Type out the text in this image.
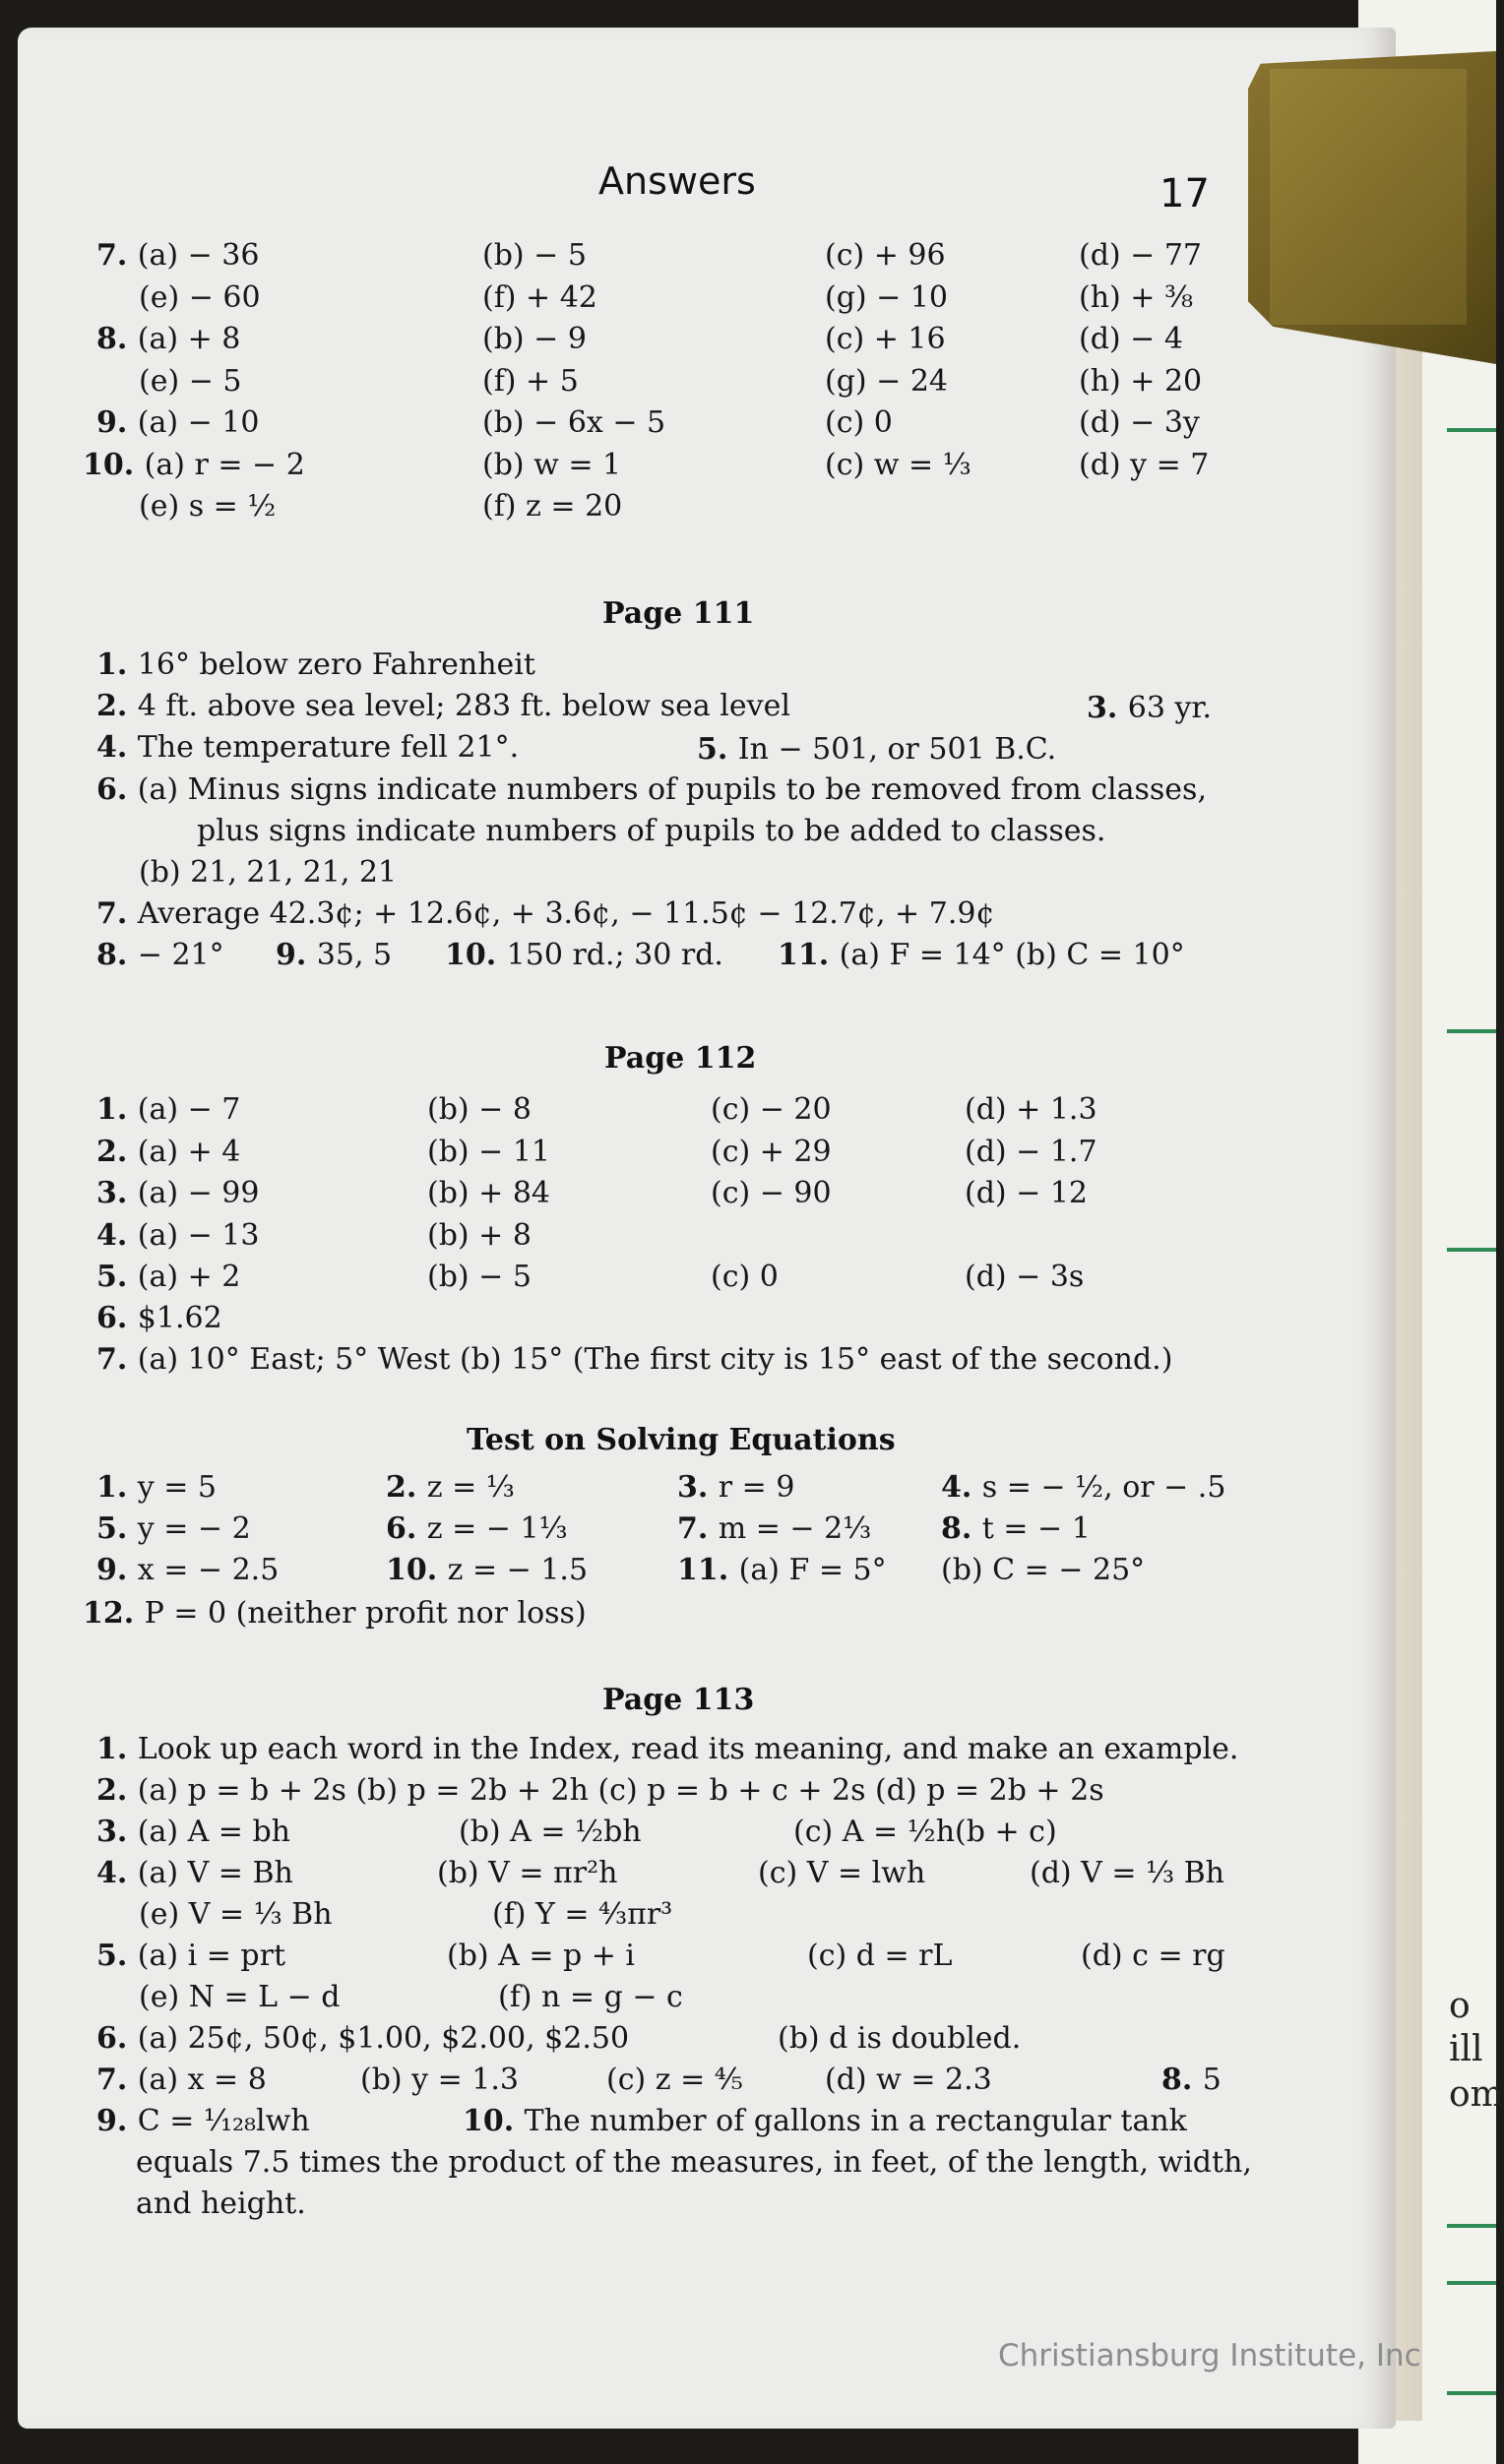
o
ill
om
Answers	17
7. (a) − 36	(b) − 5	(c) + 96	(d) − 77
(e) − 60	(f) + 42	(g) − 10	(h) + ⅜
8. (a) + 8	(b) − 9	(c) + 16	(d) − 4
(e) − 5	(f) + 5	(g) − 24	(h) + 20
9. (a) − 10	(b) − 6x − 5	(c) 0	(d) − 3y
10. (a) r = − 2	(b) w = 1	(c) w = ⅓	(d) y = 7
(e) s = ½	(f) z = 20
Page 111
1. 16° below zero Fahrenheit
2. 4 ft. above sea level; 283 ft. below sea level	3. 63 yr.
4. The temperature fell 21°.	5. In − 501, or 501 B.C.
6. (a) Minus signs indicate numbers of pupils to be removed from classes,
plus signs indicate numbers of pupils to be added to classes.
(b) 21, 21, 21, 21
7. Average 42.3¢; + 12.6¢, + 3.6¢, − 11.5¢ − 12.7¢, + 7.9¢
8. − 21° 9. 35, 5 10. 150 rd.; 30 rd. 11. (a) F = 14° (b) C = 10°
Page 112
1. (a) − 7	(b) − 8	(c) − 20	(d) + 1.3
2. (a) + 4	(b) − 11	(c) + 29	(d) − 1.7
3. (a) − 99	(b) + 84	(c) − 90	(d) − 12
4. (a) − 13	(b) + 8
5. (a) + 2	(b) − 5	(c) 0	(d) − 3s
6. $1.62
7. (a) 10° East; 5° West (b) 15° (The first city is 15° east of the second.)
Test on Solving Equations
1. y = 5	2. z = ⅓	3. r = 9	4. s = − ½, or − .5
5. y = − 2	6. z = − 1⅓	7. m = − 2⅓ 8. t = − 1
9. x = − 2.5	10. z = − 1.5	11. (a) F = 5° (b) C = − 25°
12. P = 0 (neither profit nor loss)
Page 113
1. Look up each word in the Index, read its meaning, and make an example.
2. (a) p = b + 2s (b) p = 2b + 2h (c) p = b + c + 2s (d) p = 2b + 2s
3. (a) A = bh	(b) A = ½bh	(c) A = ½h(b + c)
4. (a) V = Bh	(b) V = πr²h	(c) V = lwh	(d) V = ⅓ Bh
(e) V = ⅓ Bh	(f) Y = ⁴⁄₃πr³
5. (a) i = prt	(b) A = p + i	(c) d = rL	(d) c = rg
(e) N = L − d	(f) n = g − c
6. (a) 25¢, 50¢, $1.00, $2.00, $2.50	(b) d is doubled.
7. (a) x = 8	(b) y = 1.3	(c) z = ⅘	(d) w = 2.3	8. 5
9. C = ¹⁄₁₂₈lwh	10. The number of gallons in a rectangular tank
equals 7.5 times the product of the measures, in feet, of the length, width,
and height.
Christiansburg Institute, Inc
